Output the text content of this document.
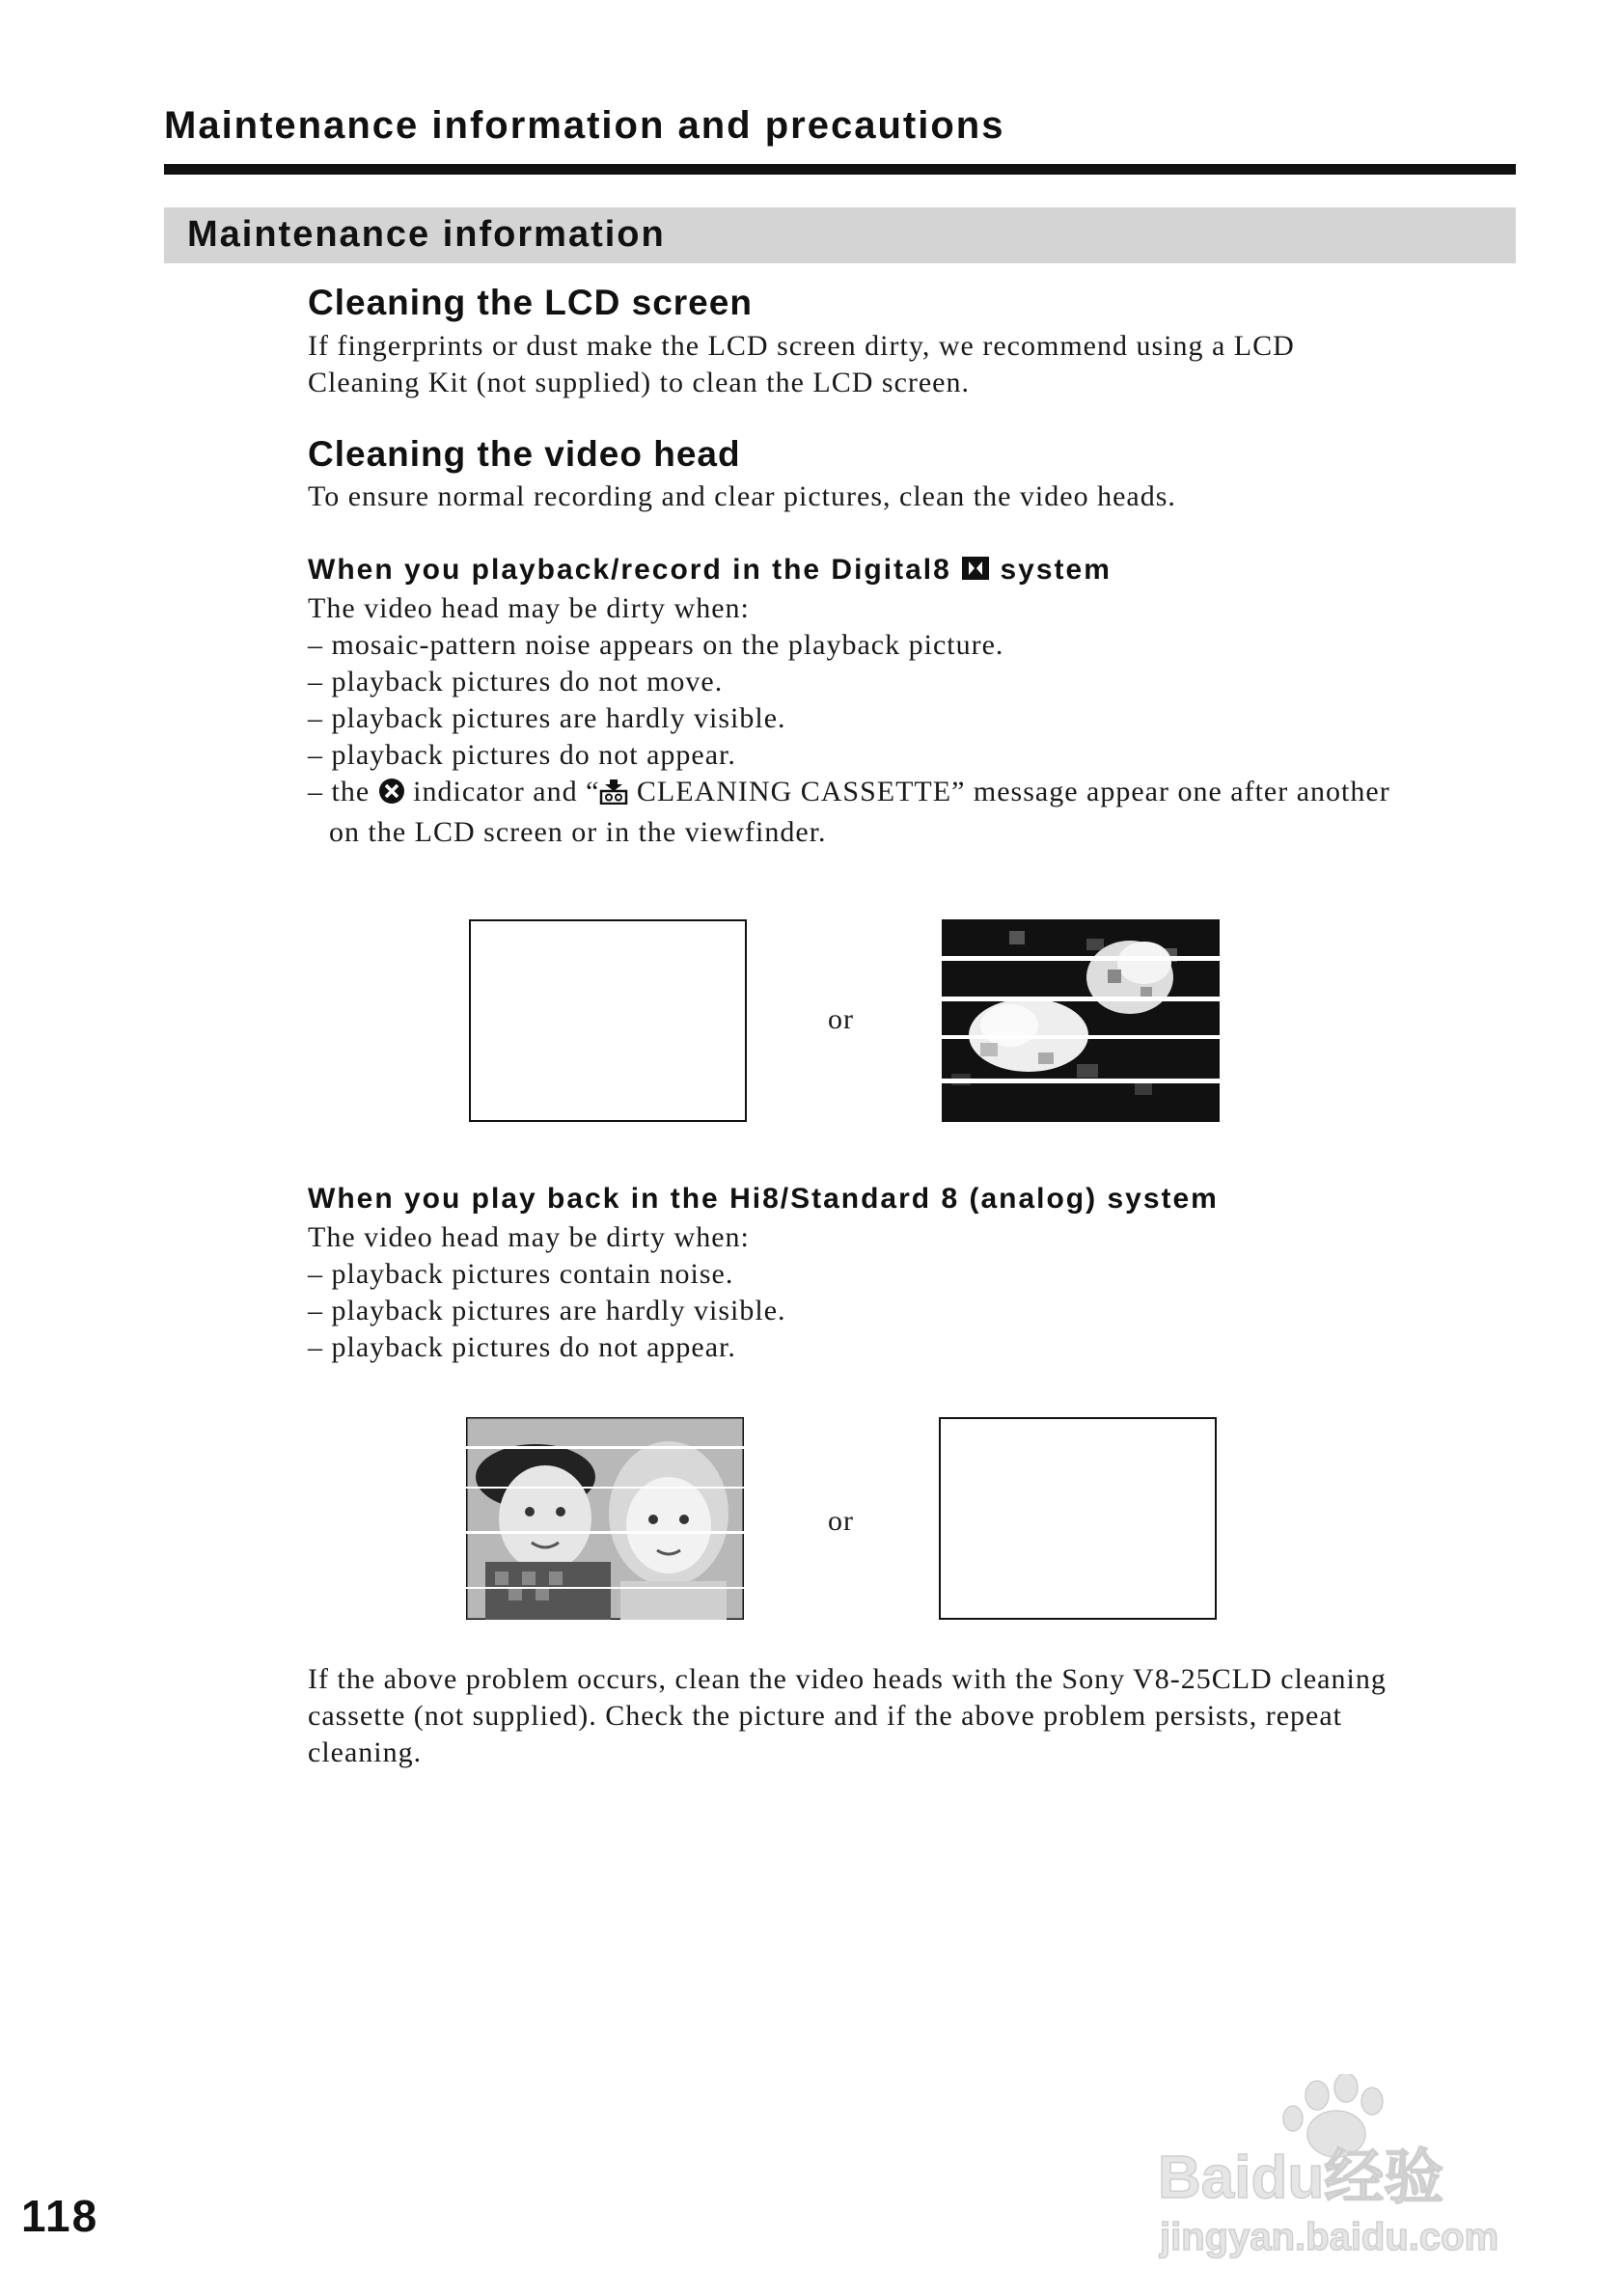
Maintenance information and precautions
Maintenance information
Cleaning the LCD screen
If fingerprints or dust make the LCD screen dirty, we recommend using a LCD
Cleaning Kit (not supplied) to clean the LCD screen.
Cleaning the video head
To ensure normal recording and clear pictures, clean the video heads.
When you playback/record in the Digital8 system
The video head may be dirty when:
– mosaic-pattern noise appears on the playback picture.
– playback pictures do not move.
– playback pictures are hardly visible.
– playback pictures do not appear.
– the indicator and “ CLEANING CASSETTE” message appear one after another
on the LCD screen or in the viewfinder.
or
When you play back in the Hi8/Standard 8 (analog) system
The video head may be dirty when:
– playback pictures contain noise.
– playback pictures are hardly visible.
– playback pictures do not appear.
or
If the above problem occurs, clean the video heads with the Sony V8-25CLD cleaning
cassette (not supplied). Check the picture and if the above problem persists, repeat
cleaning.
118
Baidu经验
jingyan.baidu.com
